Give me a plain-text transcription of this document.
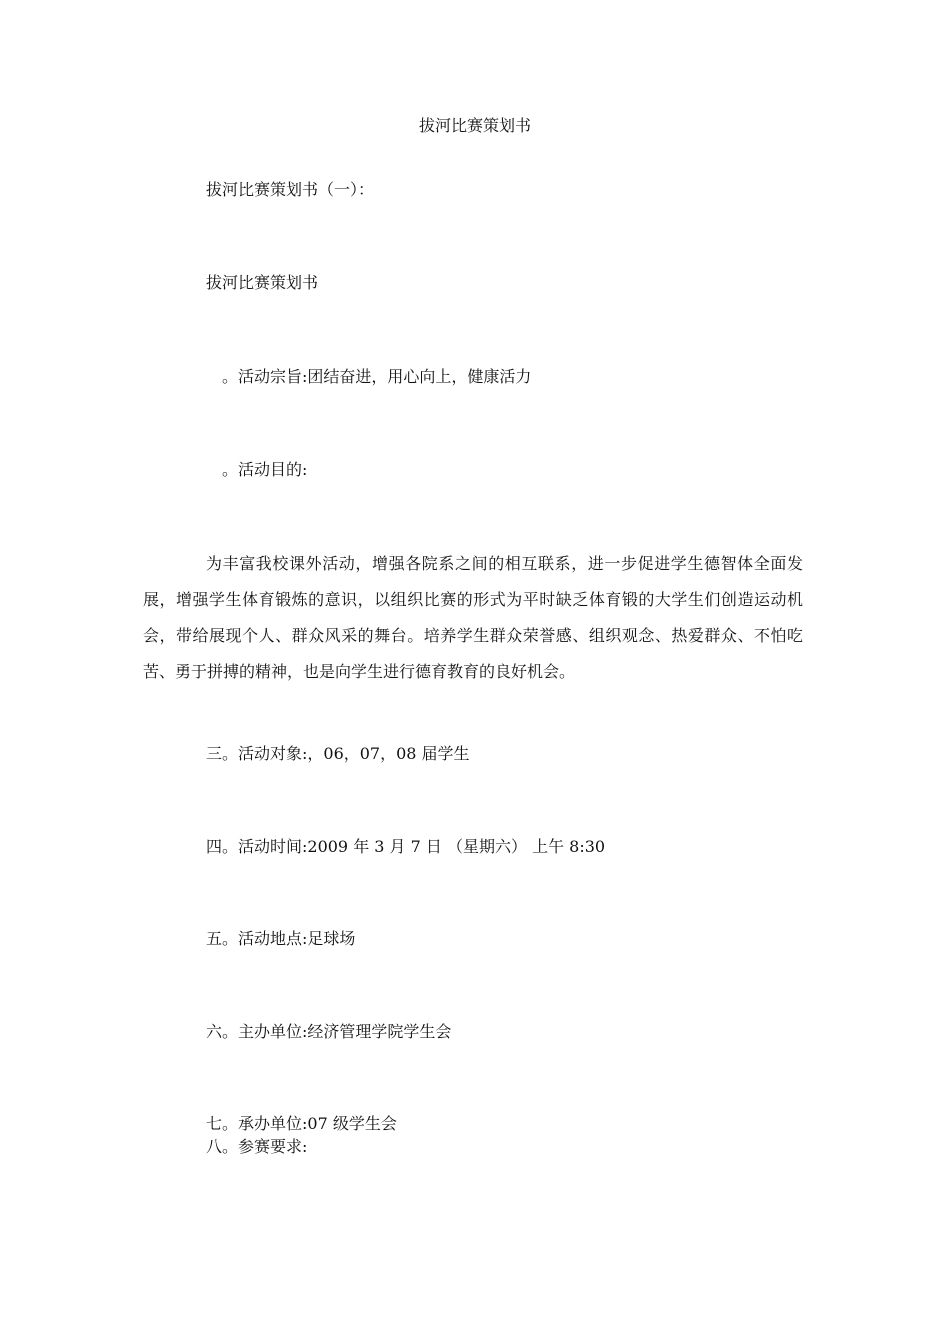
拔河比赛策划书
拔河比赛策划书（一）：
拔河比赛策划书
。活动宗旨:团结奋进，用心向上，健康活力
。活动目的:
为丰富我校课外活动，增强各院系之间的相互联系，进一步促进学生德智体全面发展，增强学生体育锻炼的意识，以组织比赛的形式为平时缺乏体育锻的大学生们创造运动机会，带给展现个人、群众风采的舞台。培养学生群众荣誉感、组织观念、热爱群众、不怕吃苦、勇于拼搏的精神，也是向学生进行德育教育的良好机会。
三。活动对象:，06，07，08 届学生
四。活动时间:2009 年 3 月 7 日 （星期六） 上午 8:30
五。活动地点:足球场
六。主办单位:经济管理学院学生会
七。承办单位:07 级学生会
八。参赛要求:
